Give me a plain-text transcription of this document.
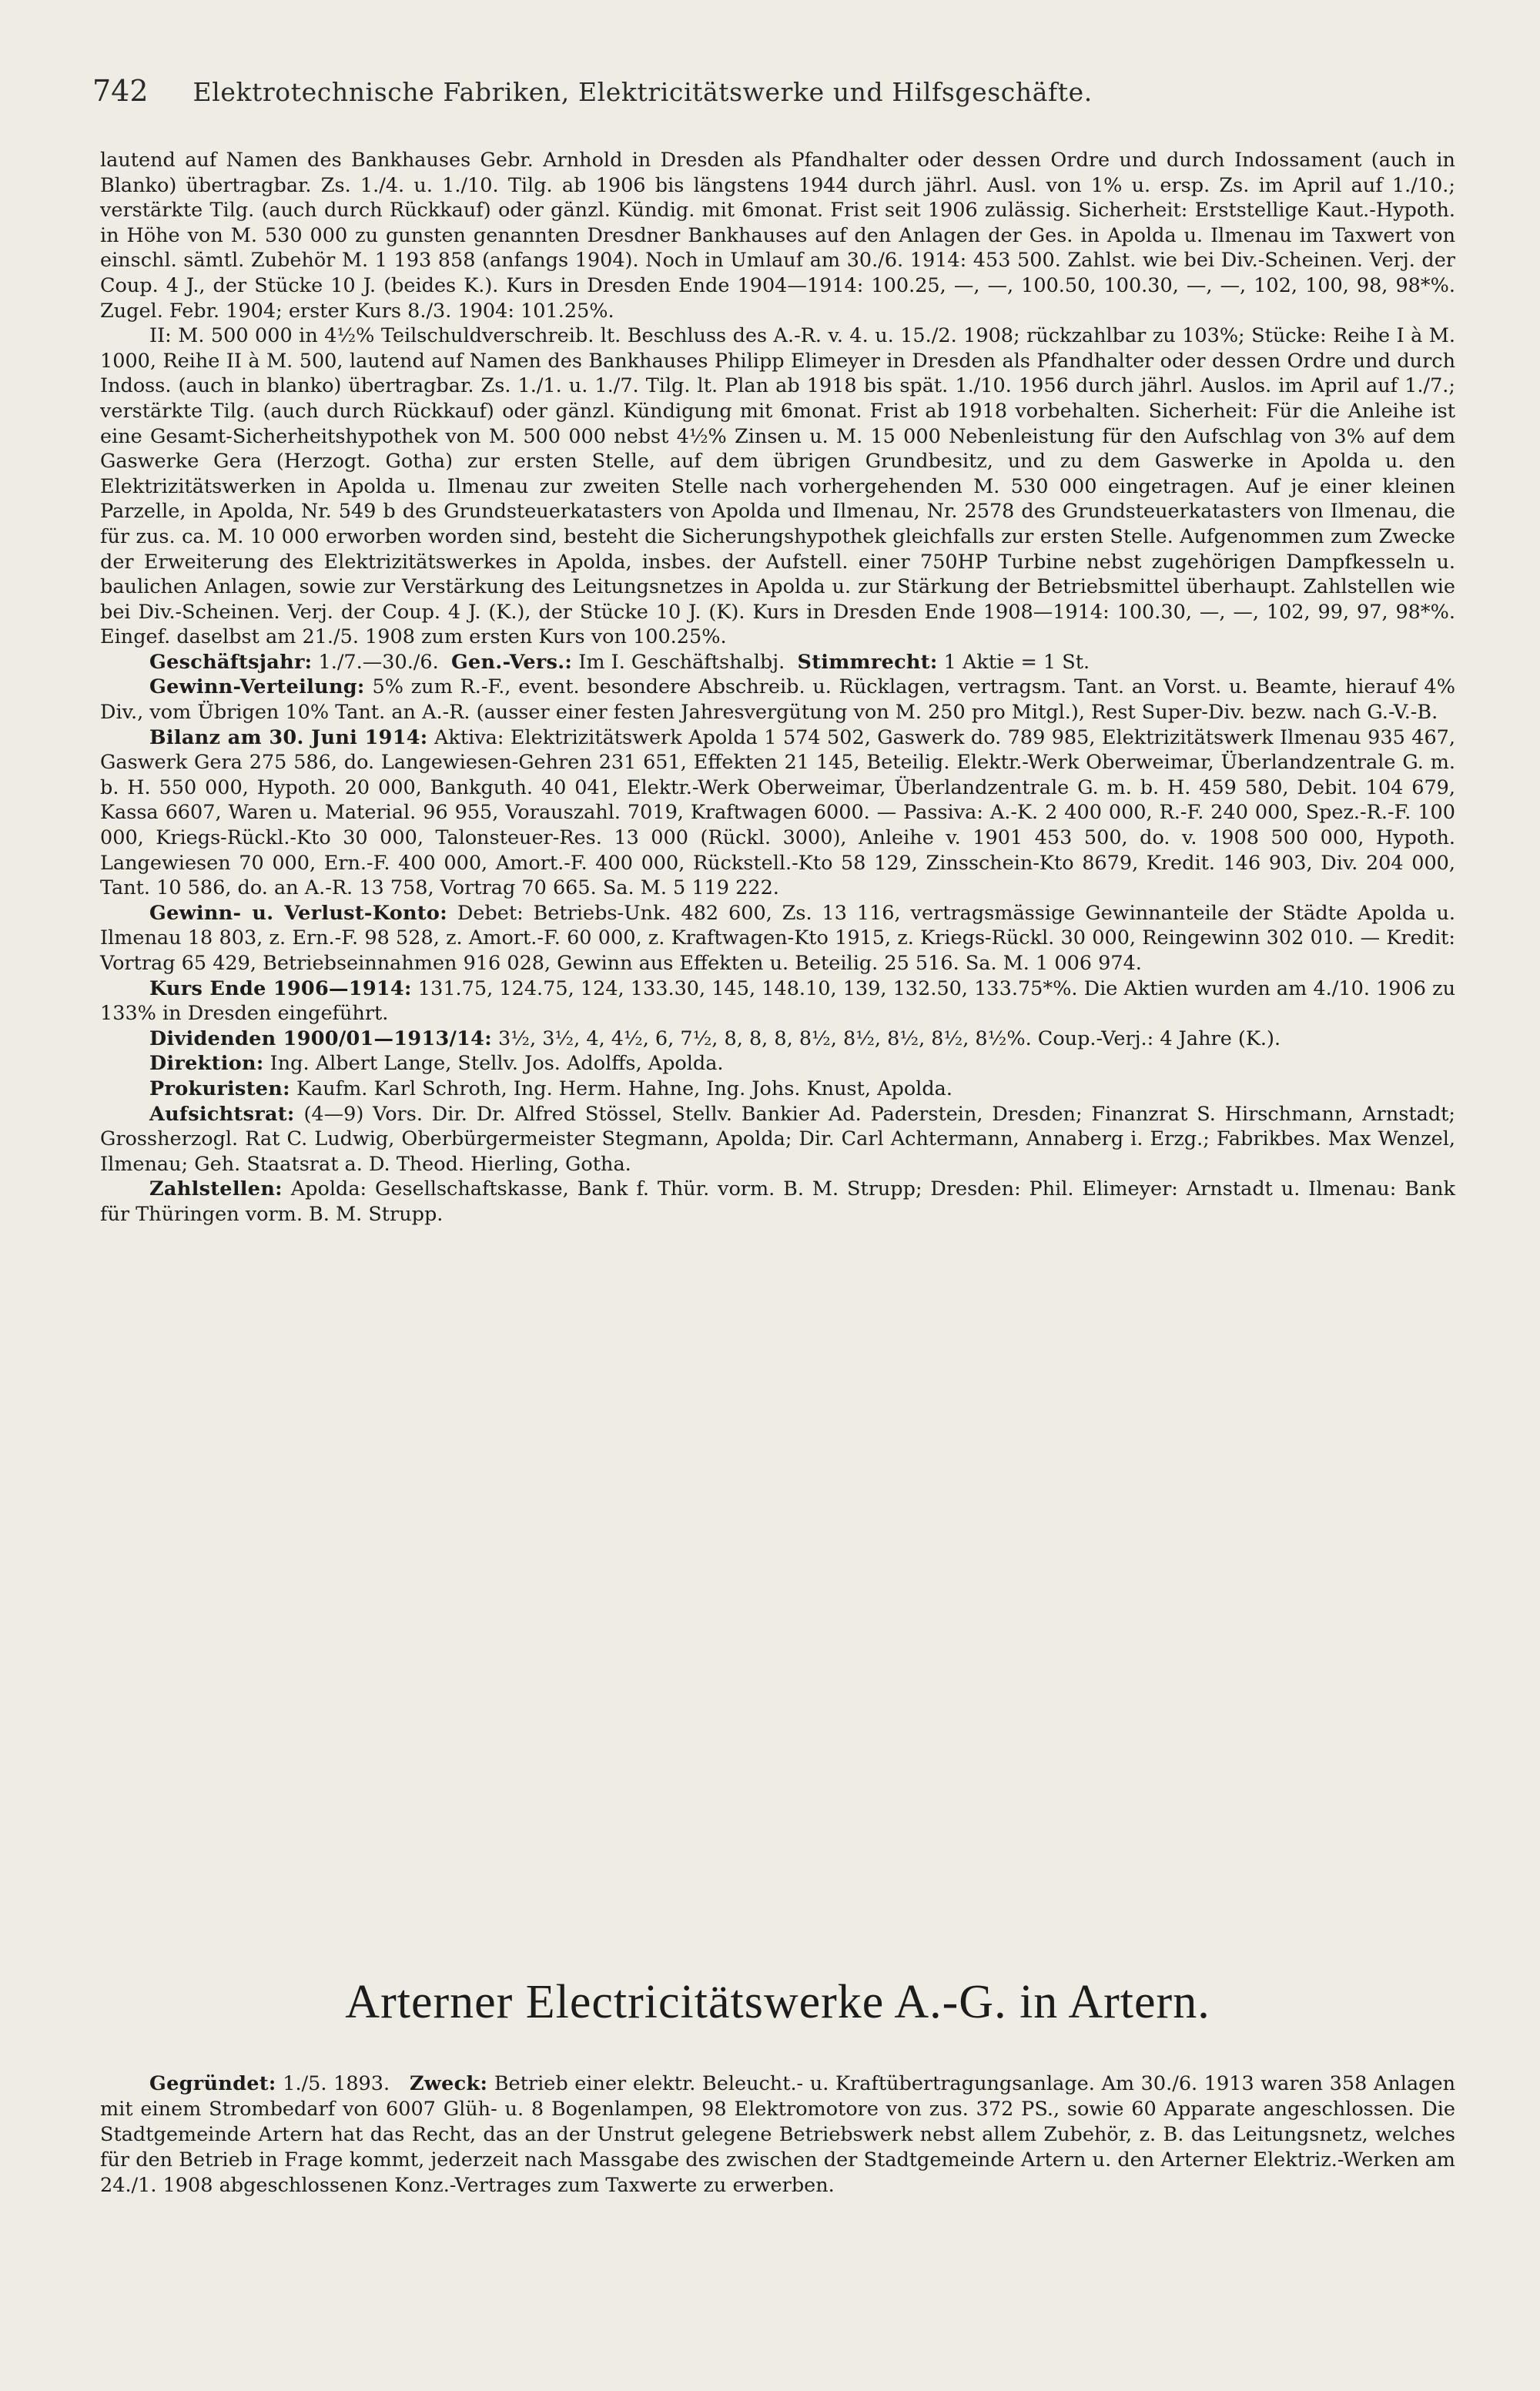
742 Elektrotechnische Fabriken, Elektricitätswerke und Hilfsgeschäfte.

lautend auf Namen des Bankhauses Gebr. Arnhold in Dresden als Pfandhalter oder dessen Ordre und durch Indossament (auch in Blanko) übertragbar. Zs. 1./4. u. 1./10. Tilg. ab 1906 bis längstens 1944 durch jährl. Ausl. von 1% u. ersp. Zs. im April auf 1./10.; verstärkte Tilg. (auch durch Rückkauf) oder gänzl. Kündig. mit 6monat. Frist seit 1906 zulässig. Sicherheit: Erststellige Kaut.-Hypoth. in Höhe von M. 530 000 zu gunsten genannten Dresdner Bankhauses auf den Anlagen der Ges. in Apolda u. Ilmenau im Taxwert von einschl. sämtl. Zubehör M. 1 193 858 (anfangs 1904). Noch in Umlauf am 30./6. 1914: 453 500. Zahlst. wie bei Div.-Scheinen. Verj. der Coup. 4 J., der Stücke 10 J. (beides K.). Kurs in Dresden Ende 1904—1914: 100.25, —, —, 100.50, 100.30, —, —, 102, 100, 98, 98*%. Zugel. Febr. 1904; erster Kurs 8./3. 1904: 101.25%.

II: M. 500 000 in 4½% Teilschuldverschreib. lt. Beschluss des A.-R. v. 4. u. 15./2. 1908; rückzahlbar zu 103%; Stücke: Reihe I à M. 1000, Reihe II à M. 500, lautend auf Namen des Bankhauses Philipp Elimeyer in Dresden als Pfandhalter oder dessen Ordre und durch Indoss. (auch in blanko) übertragbar. Zs. 1./1. u. 1./7. Tilg. lt. Plan ab 1918 bis spät. 1./10. 1956 durch jährl. Auslos. im April auf 1./7.; verstärkte Tilg. (auch durch Rückkauf) oder gänzl. Kündigung mit 6monat. Frist ab 1918 vorbehalten. Sicherheit: Für die Anleihe ist eine Gesamt-Sicherheitshypothek von M. 500 000 nebst 4½% Zinsen u. M. 15 000 Nebenleistung für den Aufschlag von 3% auf dem Gaswerke Gera (Herzogt. Gotha) zur ersten Stelle, auf dem übrigen Grundbesitz, und zu dem Gaswerke in Apolda u. den Elektrizitätswerken in Apolda u. Ilmenau zur zweiten Stelle nach vorhergehenden M. 530 000 eingetragen. Auf je einer kleinen Parzelle, in Apolda, Nr. 549 b des Grundsteuerkatasters von Apolda und Ilmenau, Nr. 2578 des Grundsteuerkatasters von Ilmenau, die für zus. ca. M. 10 000 erworben worden sind, besteht die Sicherungshypothek gleichfalls zur ersten Stelle. Aufgenommen zum Zwecke der Erweiterung des Elektrizitätswerkes in Apolda, insbes. der Aufstell. einer 750HP Turbine nebst zugehörigen Dampfkesseln u. baulichen Anlagen, sowie zur Verstärkung des Leitungsnetzes in Apolda u. zur Stärkung der Betriebsmittel überhaupt. Zahlstellen wie bei Div.-Scheinen. Verj. der Coup. 4 J. (K.), der Stücke 10 J. (K). Kurs in Dresden Ende 1908—1914: 100.30, —, —, 102, 99, 97, 98*%. Eingef. daselbst am 21./5. 1908 zum ersten Kurs von 100.25%.

Geschäftsjahr: 1./7.—30./6. Gen.-Vers.: Im I. Geschäftshalbj. Stimmrecht: 1 Aktie = 1 St.

Gewinn-Verteilung: 5% zum R.-F., event. besondere Abschreib. u. Rücklagen, vertragsm. Tant. an Vorst. u. Beamte, hierauf 4% Div., vom Übrigen 10% Tant. an A.-R. (ausser einer festen Jahresvergütung von M. 250 pro Mitgl.), Rest Super-Div. bezw. nach G.-V.-B.

Bilanz am 30. Juni 1914: Aktiva: Elektrizitätswerk Apolda 1 574 502, Gaswerk do. 789 985, Elektrizitätswerk Ilmenau 935 467, Gaswerk Gera 275 586, do. Langewiesen-Gehren 231 651, Effekten 21 145, Beteilig. Elektr.-Werk Oberweimar, Überlandzentrale G. m. b. H. 550 000, Hypoth. 20 000, Bankguth. 40 041, Elektr.-Werk Oberweimar, Überlandzentrale G. m. b. H. 459 580, Debit. 104 679, Kassa 6607, Waren u. Material. 96 955, Vorauszahl. 7019, Kraftwagen 6000. — Passiva: A.-K. 2 400 000, R.-F. 240 000, Spez.-R.-F. 100 000, Kriegs-Rückl.-Kto 30 000, Talonsteuer-Res. 13 000 (Rückl. 3000), Anleihe v. 1901 453 500, do. v. 1908 500 000, Hypoth. Langewiesen 70 000, Ern.-F. 400 000, Amort.-F. 400 000, Rückstell.-Kto 58 129, Zinsschein-Kto 8679, Kredit. 146 903, Div. 204 000, Tant. 10 586, do. an A.-R. 13 758, Vortrag 70 665. Sa. M. 5 119 222.

Gewinn- u. Verlust-Konto: Debet: Betriebs-Unk. 482 600, Zs. 13 116, vertragsmässige Gewinnanteile der Städte Apolda u. Ilmenau 18 803, z. Ern.-F. 98 528, z. Amort.-F. 60 000, z. Kraftwagen-Kto 1915, z. Kriegs-Rückl. 30 000, Reingewinn 302 010. — Kredit: Vortrag 65 429, Betriebseinnahmen 916 028, Gewinn aus Effekten u. Beteilig. 25 516. Sa. M. 1 006 974.

Kurs Ende 1906—1914: 131.75, 124.75, 124, 133.30, 145, 148.10, 139, 132.50, 133.75*%. Die Aktien wurden am 4./10. 1906 zu 133% in Dresden eingeführt.

Dividenden 1900/01—1913/14: 3½, 3½, 4, 4½, 6, 7½, 8, 8, 8, 8½, 8½, 8½, 8½, 8½%. Coup.-Verj.: 4 Jahre (K.).

Direktion: Ing. Albert Lange, Stellv. Jos. Adolffs, Apolda.

Prokuristen: Kaufm. Karl Schroth, Ing. Herm. Hahne, Ing. Johs. Knust, Apolda.

Aufsichtsrat: (4—9) Vors. Dir. Dr. Alfred Stössel, Stellv. Bankier Ad. Paderstein, Dresden; Finanzrat S. Hirschmann, Arnstadt; Grossherzogl. Rat C. Ludwig, Oberbürgermeister Stegmann, Apolda; Dir. Carl Achtermann, Annaberg i. Erzg.; Fabrikbes. Max Wenzel, Ilmenau; Geh. Staatsrat a. D. Theod. Hierling, Gotha.

Zahlstellen: Apolda: Gesellschaftskasse, Bank f. Thür. vorm. B. M. Strupp; Dresden: Phil. Elimeyer: Arnstadt u. Ilmenau: Bank für Thüringen vorm. B. M. Strupp.

Arterner Electricitätswerke A.-G. in Artern.

Gegründet: 1./5. 1893. Zweck: Betrieb einer elektr. Beleucht.- u. Kraftübertragungsanlage. Am 30./6. 1913 waren 358 Anlagen mit einem Strombedarf von 6007 Glüh- u. 8 Bogenlampen, 98 Elektromotore von zus. 372 PS., sowie 60 Apparate angeschlossen. Die Stadtgemeinde Artern hat das Recht, das an der Unstrut gelegene Betriebswerk nebst allem Zubehör, z. B. das Leitungsnetz, welches für den Betrieb in Frage kommt, jederzeit nach Massgabe des zwischen der Stadtgemeinde Artern u. den Arterner Elektriz.-Werken am 24./1. 1908 abgeschlossenen Konz.-Vertrages zum Taxwerte zu erwerben.
